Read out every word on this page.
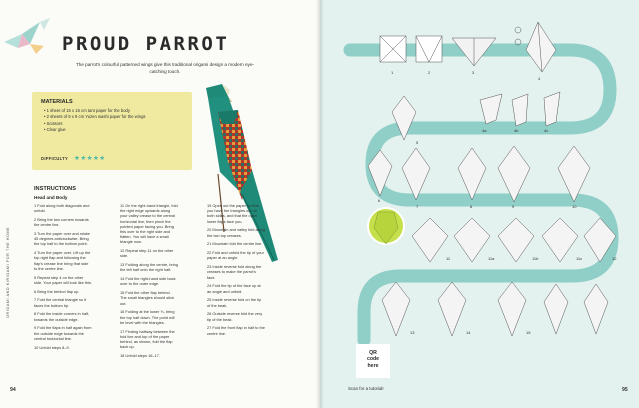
PROUD PARROT
The parrot's colourful patterned wings give this traditional origami design a modern eye-catching touch.
MATERIALS
• 1 sheet of 15 x 15 cm tant paper for the body
• 2 sheets of 9 x 9 cm Yuzen washi paper for the wings
• Scissors
• Clear glue
DIFFICULTY ★★★★★
INSTRUCTIONS
Head and Body

1 Fold along both diagonals and unfold.

2 Bring the two corners towards the centre line.

3 Turn the paper over and rotate 45 degrees anticlockwise. Bring the top half to the bottom point.

4 Turn the paper over. Lift up the top right flap and following the flap's crease line bring that side to the centre line.

5 Repeat step 4 on the other side. Your paper will look like this.

6 Bring the behind flap up.

7 Fold the central triangle so it faces the bottom tip.

8 Fold the inside corners in half, towards the outside edge.

9 Fold the flaps in half again from the outside edge towards the central horizontal line.

10 Unfold steps 8–9.

11 On the right-hand triangle, fold the right edge upwards along your valley crease to the central horizontal line, then pinch the pointed paper facing you. Bring this over to the right side and flatten. You will have a small triangle now.

12 Repeat step 11 on the other side.

13 Folding along the centre, bring the left half onto the right half.

14 Fold the right-hand side back over to the outer edge.

15 Fold the other flap behind. The small triangles should stick out.

16 Folding at the lower ⅓, bring the top half down. The point will be level with the triangles.

17 Finding halfway between the fold line and top of the paper behind, as shown, fold the flap back up.

18 Unfold steps 16–17.

19 Open out the paper so that you have the triangles out on both sides, and that the open lower flaps face you.

20 Mountain and valley fold along the two top creases.

21 Mountain fold the centre line.

22 Fold and unfold the tip of your paper at an angle.

23 Inside reverse fold along the creases to make the parrot's face.

24 Fold the tip of the face up at an angle and unfold.

25 Inside reverse fold on the tip of the beak.

26 Outside reverse fold the very tip of the beak.

27 Fold the front flap in half to the centre line.

ORIGAMI AND KIRIGAMI FOR THE HOME
94
1	2	3
4
4a	4b	4c
5
6
7	8	9	10
11	11a	11b	11c	12
13	14	15
QR
code
here
Scan for a tutorial!	95
